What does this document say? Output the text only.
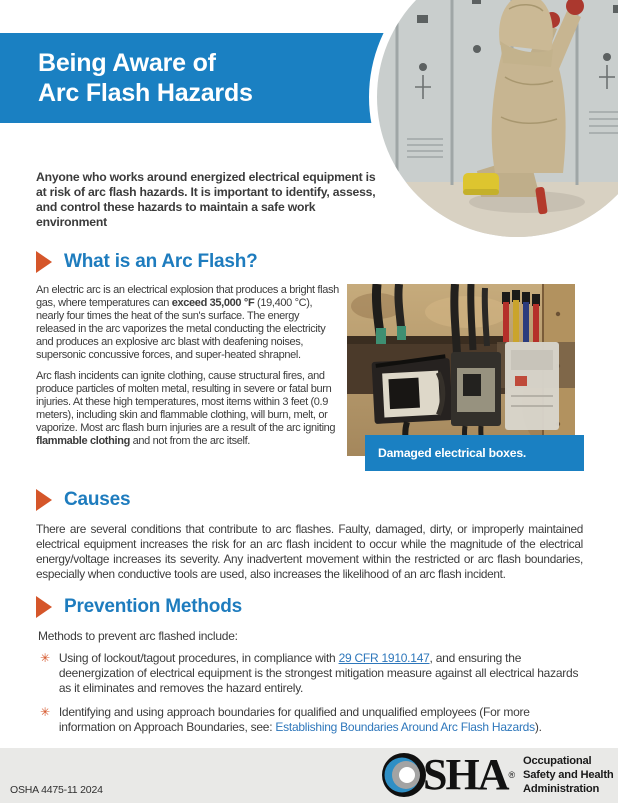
Being Aware of
Arc Flash Hazards

Anyone who works around energized electrical equipment is at risk of arc flash hazards. It is important to identify, assess, and control these hazards to maintain a safe work environment

What is an Arc Flash?

An electric arc is an electrical explosion that produces a bright flash gas, where temperatures can exceed 35,000 °F (19,400 °C), nearly four times the heat of the sun's surface. The energy released in the arc vaporizes the metal conducting the electricity and produces an explosive arc blast with deafening noises, supersonic concussive forces, and super-heated shrapnel.

Arc flash incidents can ignite clothing, cause structural fires, and produce particles of molten metal, resulting in severe or fatal burn injuries. At these high temperatures, most items within 3 feet (0.9 meters), including skin and flammable clothing, will burn, melt, or vaporize. Most arc flash burn injuries are a result of the arc igniting flammable clothing and not from the arc itself.

Damaged electrical boxes.
Causes

There are several conditions that contribute to arc flashes. Faulty, damaged, dirty, or improperly maintained electrical equipment increases the risk for an arc flash incident to occur while the magnitude of the electrical energy/voltage increases its severity. Any inadvertent movement within the restricted or arc flash boundaries, especially when conductive tools are used, also increases the likelihood of an arc flash incident.

Prevention Methods

Methods to prevent arc flashed include:

✳ Using of lockout/tagout procedures, in compliance with 29 CFR 1910.147, and ensuring the deenergization of electrical equipment is the strongest mitigation measure against all electrical hazards as it eliminates and removes the hazard entirely.
✳ Identifying and using approach boundaries for qualified and unqualified employees (For more information on Approach Boundaries, see: Establishing Boundaries Around Arc Flash Hazards).
OSHA 4475-11 2024	SHA ®
Occupational
Safety and Health
Administration
